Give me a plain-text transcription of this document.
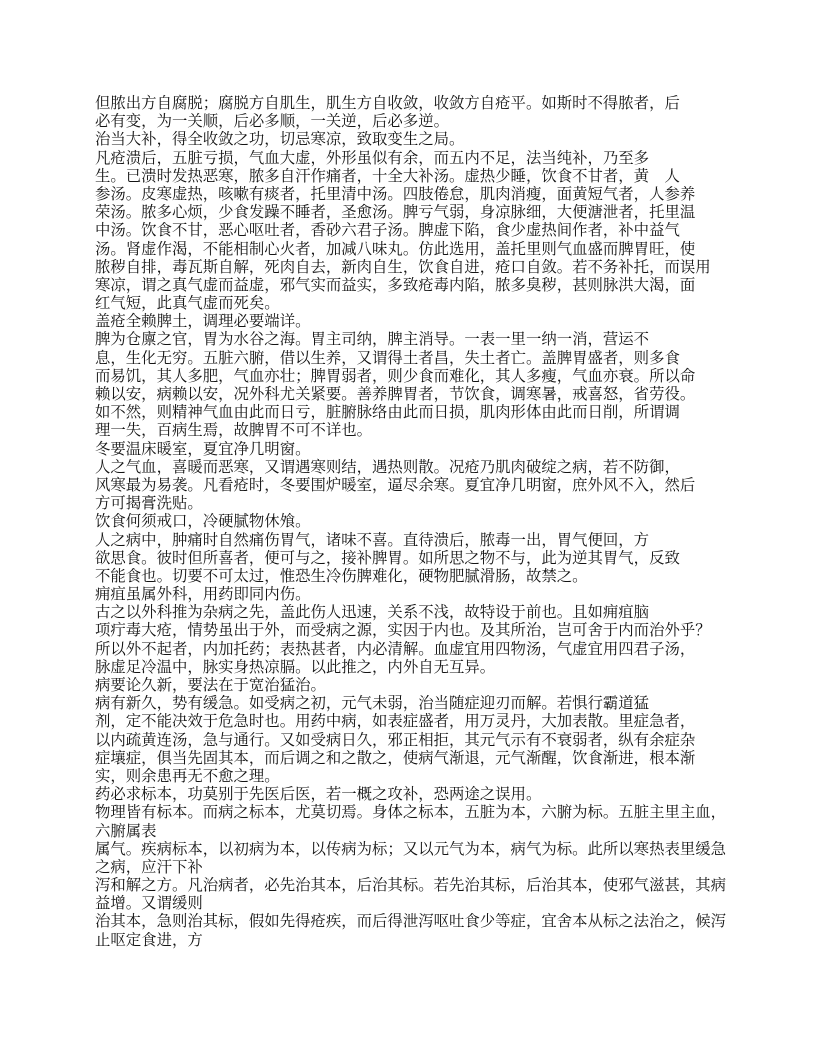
但脓出方自腐脱；腐脱方自肌生，肌生方自收敛，收敛方自疮平。如斯时不得脓者，后
必有变，为一关顺，后必多顺，一关逆，后必多逆。
治当大补，得全收敛之功，切忌寒凉，致取变生之局。
凡疮溃后，五脏亏损，气血大虚，外形虽似有余，而五内不足，法当纯补，乃至多
生。已溃时发热恶寒，脓多自汗作痛者，十全大补汤。虚热少睡，饮食不甘者，黄　人
参汤。皮寒虚热，咳嗽有痰者，托里清中汤。四肢倦怠，肌肉消瘦，面黄短气者，人参养
荣汤。脓多心烦，少食发躁不睡者，圣愈汤。脾亏气弱，身凉脉细，大便溏泄者，托里温
中汤。饮食不甘，恶心呕吐者，香砂六君子汤。脾虚下陷，食少虚热间作者，补中益气
汤。肾虚作渴，不能相制心火者，加减八味丸。仿此选用，盖托里则气血盛而脾胃旺，使
脓秽自排，毒瓦斯自解，死肉自去，新肉自生，饮食自进，疮口自敛。若不务补托，而误用
寒凉，谓之真气虚而益虚，邪气实而益实，多致疮毒内陷，脓多臭秽，甚则脉洪大渴，面
红气短，此真气虚而死矣。
盖疮全赖脾土，调理必要端详。
脾为仓廪之官，胃为水谷之海。胃主司纳，脾主消导。一表一里一纳一消，营运不
息，生化无穷。五脏六腑，借以生养，又谓得土者昌，失土者亡。盖脾胃盛者，则多食
而易饥，其人多肥，气血亦壮；脾胃弱者，则少食而难化，其人多瘦，气血亦衰。所以命
赖以安，病赖以安，况外科尤关紧要。善养脾胃者，节饮食，调寒暑，戒喜怒，省劳役。
如不然，则精神气血由此而日亏，脏腑脉络由此而日损，肌肉形体由此而日削，所谓调
理一失，百病生焉，故脾胃不可不详也。
冬要温床暖室，夏宜净几明窗。
人之气血，喜暖而恶寒，又谓遇寒则结，遇热则散。况疮乃肌肉破绽之病，若不防御，
风寒最为易袭。凡看疮时，冬要围炉暖室，逼尽余寒。夏宜净几明窗，庶外风不入，然后
方可揭膏洗贴。
饮食何须戒口，冷硬腻物休飧。
人之病中，肿痛时自然痛伤胃气，诸味不喜。直待溃后，脓毒一出，胃气便回，方
欲思食。彼时但所喜者，便可与之，接补脾胃。如所思之物不与，此为逆其胃气，反致
不能食也。切要不可太过，惟恐生冷伤脾难化，硬物肥腻滑肠，故禁之。
痈疽虽属外科，用药即同内伤。
古之以外科推为杂病之先，盖此伤人迅速，关系不浅，故特设于前也。且如痈疽脑
项疔毒大疮，情势虽出于外，而受病之源，实因于内也。及其所治，岂可舍于内而治外乎？
所以外不起者，内加托药；表热甚者，内必清解。血虚宜用四物汤，气虚宜用四君子汤，
脉虚足冷温中，脉实身热凉膈。以此推之，内外自无互异。
病要论久新，要法在于宽治猛治。
病有新久，势有缓急。如受病之初，元气未弱，治当随症迎刃而解。若惧行霸道猛
剂，定不能决效于危急时也。用药中病，如表症盛者，用万灵丹，大加表散。里症急者，
以内疏黄连汤，急与通行。又如受病日久，邪正相拒，其元气示有不衰弱者，纵有余症杂
症壤症，俱当先固其本，而后调之和之散之，使病气渐退，元气渐醒，饮食渐进，根本渐
实，则余患再无不愈之理。
药必求标本，功莫别于先医后医，若一概之攻补，恐两途之误用。
物理皆有标本。而病之标本，尤莫切焉。身体之标本，五脏为本，六腑为标。五脏主里主血，
六腑属表
属气。疾病标本，以初病为本，以传病为标；又以元气为本，病气为标。此所以寒热表里缓急
之病，应汗下补
泻和解之方。凡治病者，必先治其本，后治其标。若先治其标，后治其本，使邪气滋甚，其病
益增。又谓缓则
治其本，急则治其标，假如先得疮疾，而后得泄泻呕吐食少等症，宜舍本从标之法治之，候泻
止呕定食进，方
